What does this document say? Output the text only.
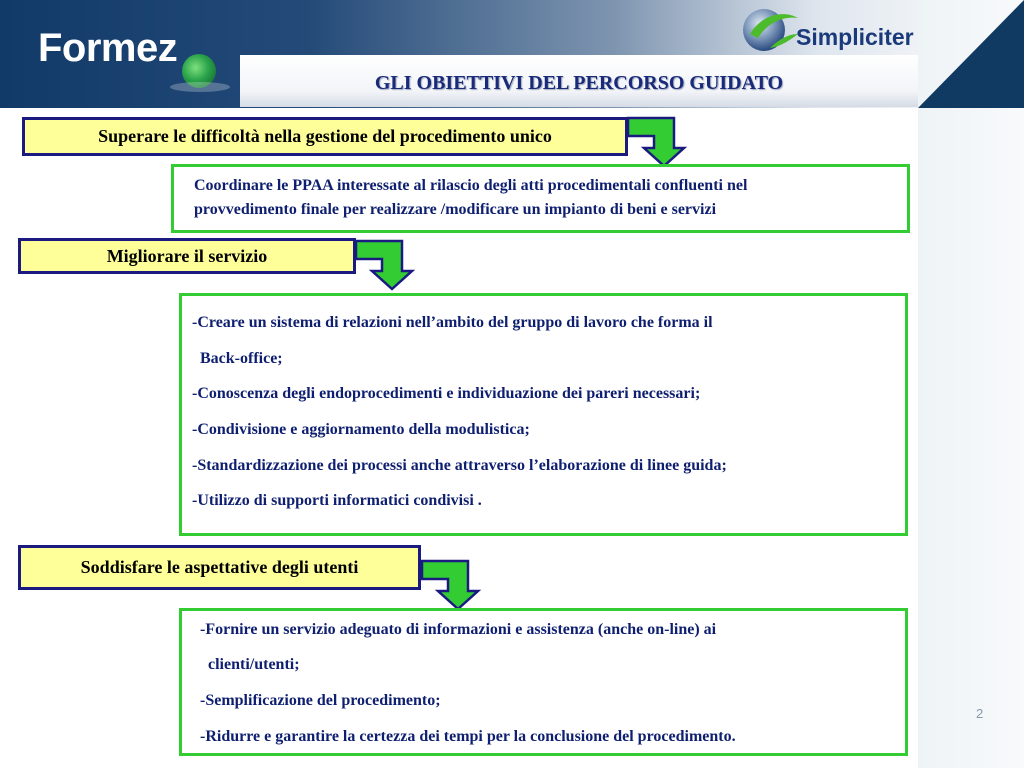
Formez	Simpliciter
GLI OBIETTIVI DEL PERCORSO GUIDATO
Superare le difficoltà nella gestione del procedimento unico
Coordinare le PPAA interessate al rilascio degli atti procedimentali confluenti nel
provvedimento finale per realizzare /modificare un impianto di beni e servizi
Migliorare il servizio
-Creare un sistema di relazioni nell’ambito del gruppo di lavoro che forma il
Back-office;
-Conoscenza degli endoprocedimenti e individuazione dei pareri necessari;
-Condivisione e aggiornamento della modulistica;
-Standardizzazione dei processi anche attraverso l’elaborazione di linee guida;
-Utilizzo di supporti informatici condivisi .
Soddisfare le aspettative degli utenti
-Fornire un servizio adeguato di informazioni e assistenza (anche on-line) ai
clienti/utenti;
-Semplificazione del procedimento;
-Ridurre e garantire la certezza dei tempi per la conclusione del procedimento.
2
